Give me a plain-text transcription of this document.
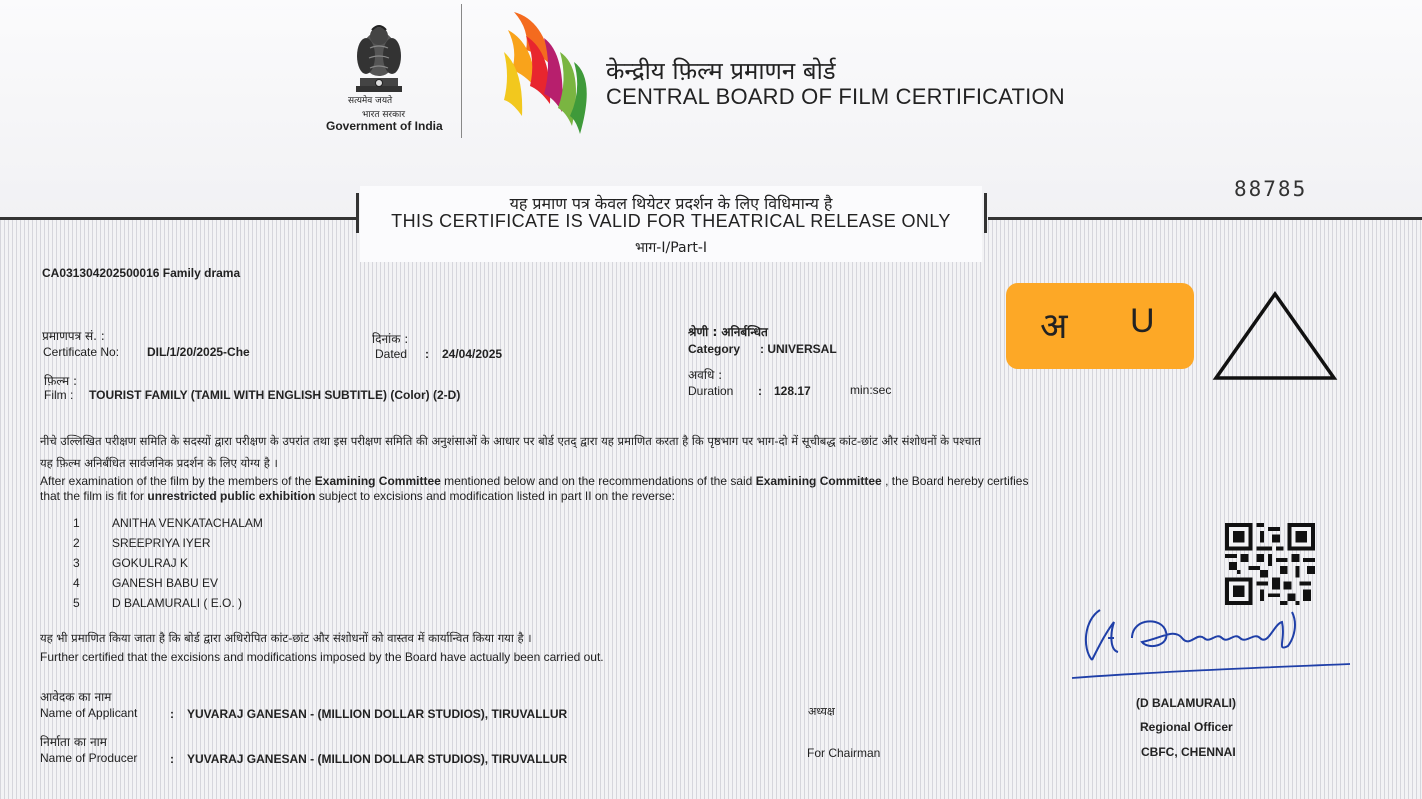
सत्यमेव जयते
भारत सरकार
Government of India
केन्द्रीय फ़िल्म प्रमाणन बोर्ड
CENTRAL BOARD OF FILM CERTIFICATION
88785
यह प्रमाण पत्र केवल थियेटर प्रदर्शन के लिए विधिमान्य है
THIS CERTIFICATE IS VALID FOR THEATRICAL RELEASE ONLY
भाग-I/Part-I
CA031304202500016 Family drama
प्रमाणपत्र सं. :
Certificate No: DIL/1/20/2025-Che
दिनांक :
Dated : 24/04/2025
श्रेणी : अनिर्बन्धित
Category : UNIVERSAL
फ़िल्म :
Film : TOURIST FAMILY (TAMIL WITH ENGLISH SUBTITLE) (Color) (2-D)
अवधि :
Duration : 128.17	min:sec
अ U
नीचे उल्लिखित परीक्षण समिति के सदस्यों द्वारा परीक्षण के उपरांत तथा इस परीक्षण समिति की अनुशंसाओं के आधार पर बोर्ड एतद् द्वारा यह प्रमाणित करता है कि पृष्ठभाग पर भाग-दो में सूचीबद्ध कांट-छांट और संशोधनों के पश्चात
यह फ़िल्म अनिर्बंधित सार्वजनिक प्रदर्शन के लिए योग्य है ।
After examination of the film by the members of the Examining Committee mentioned below and on the recommendations of the said Examining Committee , the Board hereby certifies
that the film is fit for unrestricted public exhibition subject to excisions and modification listed in part II on the reverse:
1	ANITHA VENKATACHALAM
2	SREEPRIYA IYER
3	GOKULRAJ K
4	GANESH BABU EV
5	D BALAMURALI ( E.O. )
यह भी प्रमाणित किया जाता है कि बोर्ड द्वारा अधिरोपित कांट-छांट और संशोधनों को वास्तव में कार्यान्वित किया गया है ।
Further certified that the excisions and modifications imposed by the Board have actually been carried out.
आवेदक का नाम
Name of Applicant	: YUVARAJ GANESAN - (MILLION DOLLAR STUDIOS), TIRUVALLUR
निर्माता का नाम
Name of Producer	: YUVARAJ GANESAN - (MILLION DOLLAR STUDIOS), TIRUVALLUR
अध्यक्ष
For Chairman
(D BALAMURALI)
Regional Officer
CBFC, CHENNAI
